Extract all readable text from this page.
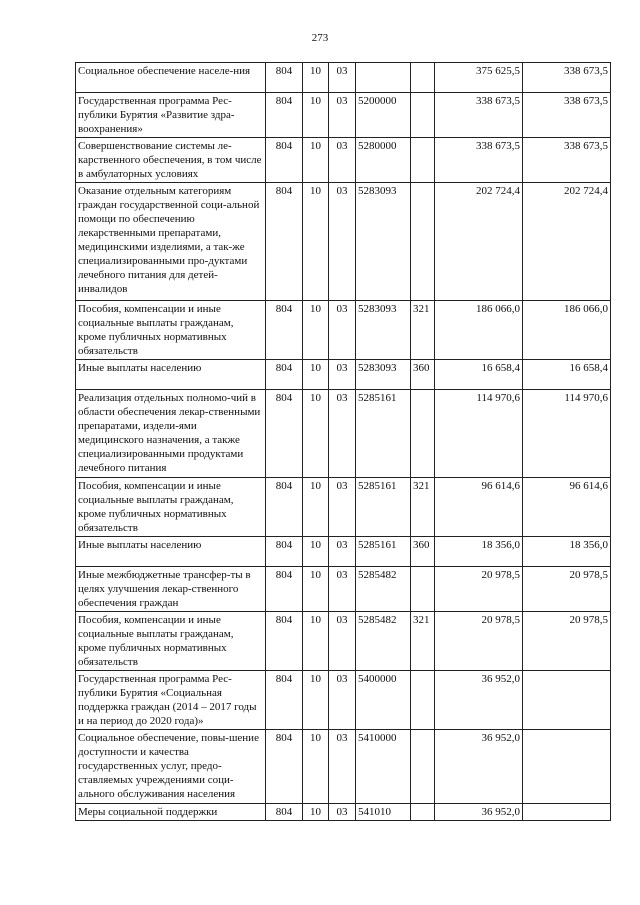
273
Социальное обеспечение населе-ния	804	10	03			375 625,5	338 673,5
Государственная программа Рес-публики Бурятия «Развитие здра-воохранения»	804	10	03	5200000		338 673,5	338 673,5
Совершенствование системы ле-карственного обеспечения, в том числе в амбулаторных условиях	804	10	03	5280000		338 673,5	338 673,5
Оказание отдельным категориям граждан государственной соци-альной помощи по обеспечению лекарственными препаратами, медицинскими изделиями, а так-же специализированными про-дуктами лечебного питания для детей-инвалидов	804	10	03	5283093		202 724,4	202 724,4
Пособия, компенсации и иные социальные выплаты гражданам, кроме публичных нормативных обязательств	804	10	03	5283093	321	186 066,0	186 066,0
Иные выплаты населению	804	10	03	5283093	360	16 658,4	16 658,4
Реализация отдельных полномо-чий в области обеспечения лекар-ственными препаратами, издели-ями медицинского назначения, а также специализированными продуктами лечебного питания	804	10	03	5285161		114 970,6	114 970,6
Пособия, компенсации и иные социальные выплаты гражданам, кроме публичных нормативных обязательств	804	10	03	5285161	321	96 614,6	96 614,6
Иные выплаты населению	804	10	03	5285161	360	18 356,0	18 356,0
Иные межбюджетные трансфер-ты в целях улучшения лекар-ственного обеспечения граждан	804	10	03	5285482		20 978,5	20 978,5
Пособия, компенсации и иные социальные выплаты гражданам, кроме публичных нормативных обязательств	804	10	03	5285482	321	20 978,5	20 978,5
Государственная программа Рес-публики Бурятия «Социальная поддержка граждан (2014 – 2017 годы и на период до 2020 года)»	804	10	03	5400000		36 952,0	
Социальное обеспечение, повы-шение доступности и качества государственных услуг, предо-ставляемых учреждениями соци-ального обслуживания населения	804	10	03	5410000		36 952,0	
Меры социальной поддержки	804	10	03	541010		36 952,0	
